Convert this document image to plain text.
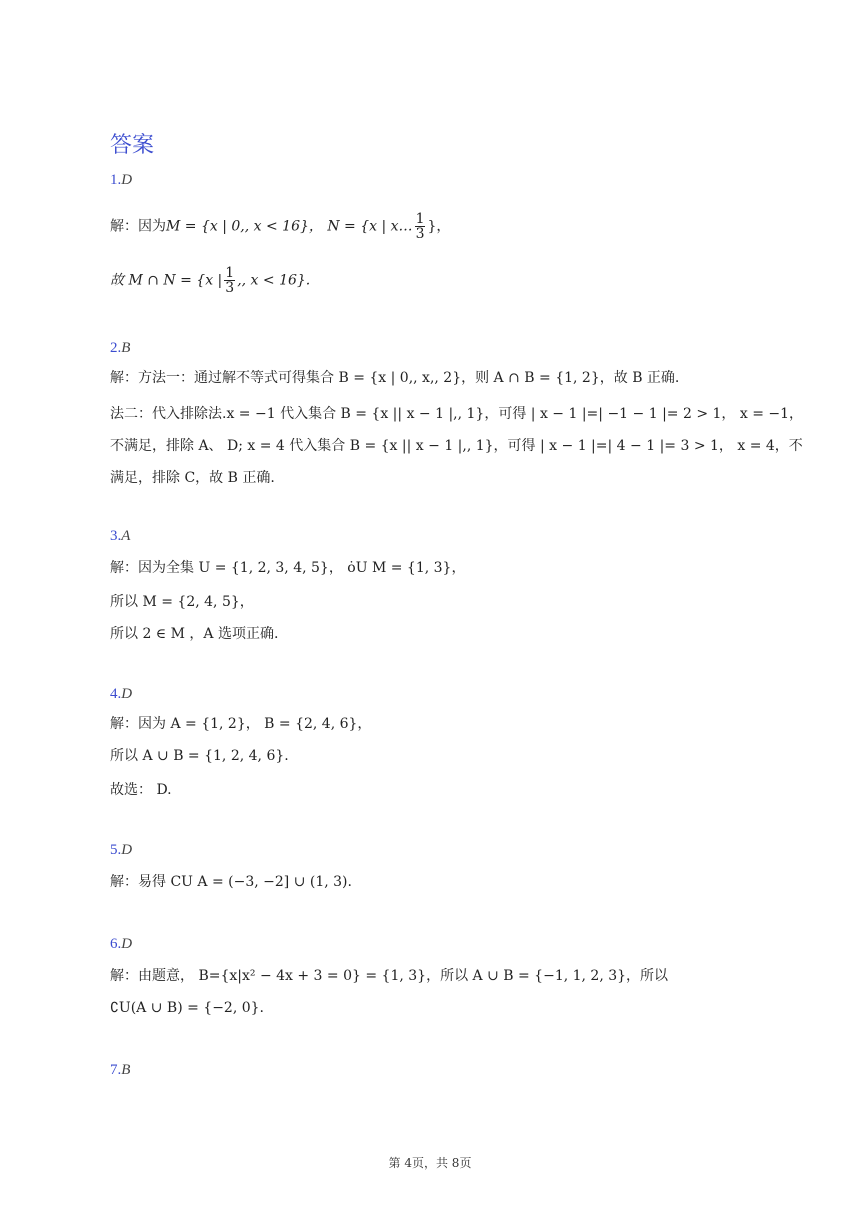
答案
1.D
解：因为M = {x | 0,, x < 16}， N = {x | x… $\frac{1}{3}$ }，
故 M ∩ N = {x | $\frac{1}{3}$ ,, x < 16}.
2.B
解：方法一：通过解不等式可得集合 B = {x | 0,, x,, 2}，则 A ∩ B = {1, 2}，故 B 正确.
法二：代入排除法.x = −1 代入集合 B = {x || x − 1 |,, 1}，可得 | x − 1 |=| −1 − 1 |= 2 > 1， x = −1，
不满足，排除 A、 D; x = 4 代入集合 B = {x || x − 1 |,, 1}，可得 | x − 1 |=| 4 − 1 |= 3 > 1， x = 4，不
满足，排除 C，故 B 正确.
3.A
解：因为全集 U = {1, 2, 3, 4, 5}， ȯU M = {1, 3}，
所以 M = {2, 4, 5}，
所以 2 ∈ M ，A 选项正确.
4.D
解：因为 A = {1, 2}， B = {2, 4, 6}，
所以 A ∪ B = {1, 2, 4, 6}.
故选： D.
5.D
解：易得 CU A = (−3, −2] ∪ (1, 3).
6.D
解：由题意， B={x|x² − 4x + 3 = 0} = {1, 3}，所以 A ∪ B = {−1, 1, 2, 3}，所以
∁U(A ∪ B) = {−2, 0}.
7.B
第 4页，共 8页
